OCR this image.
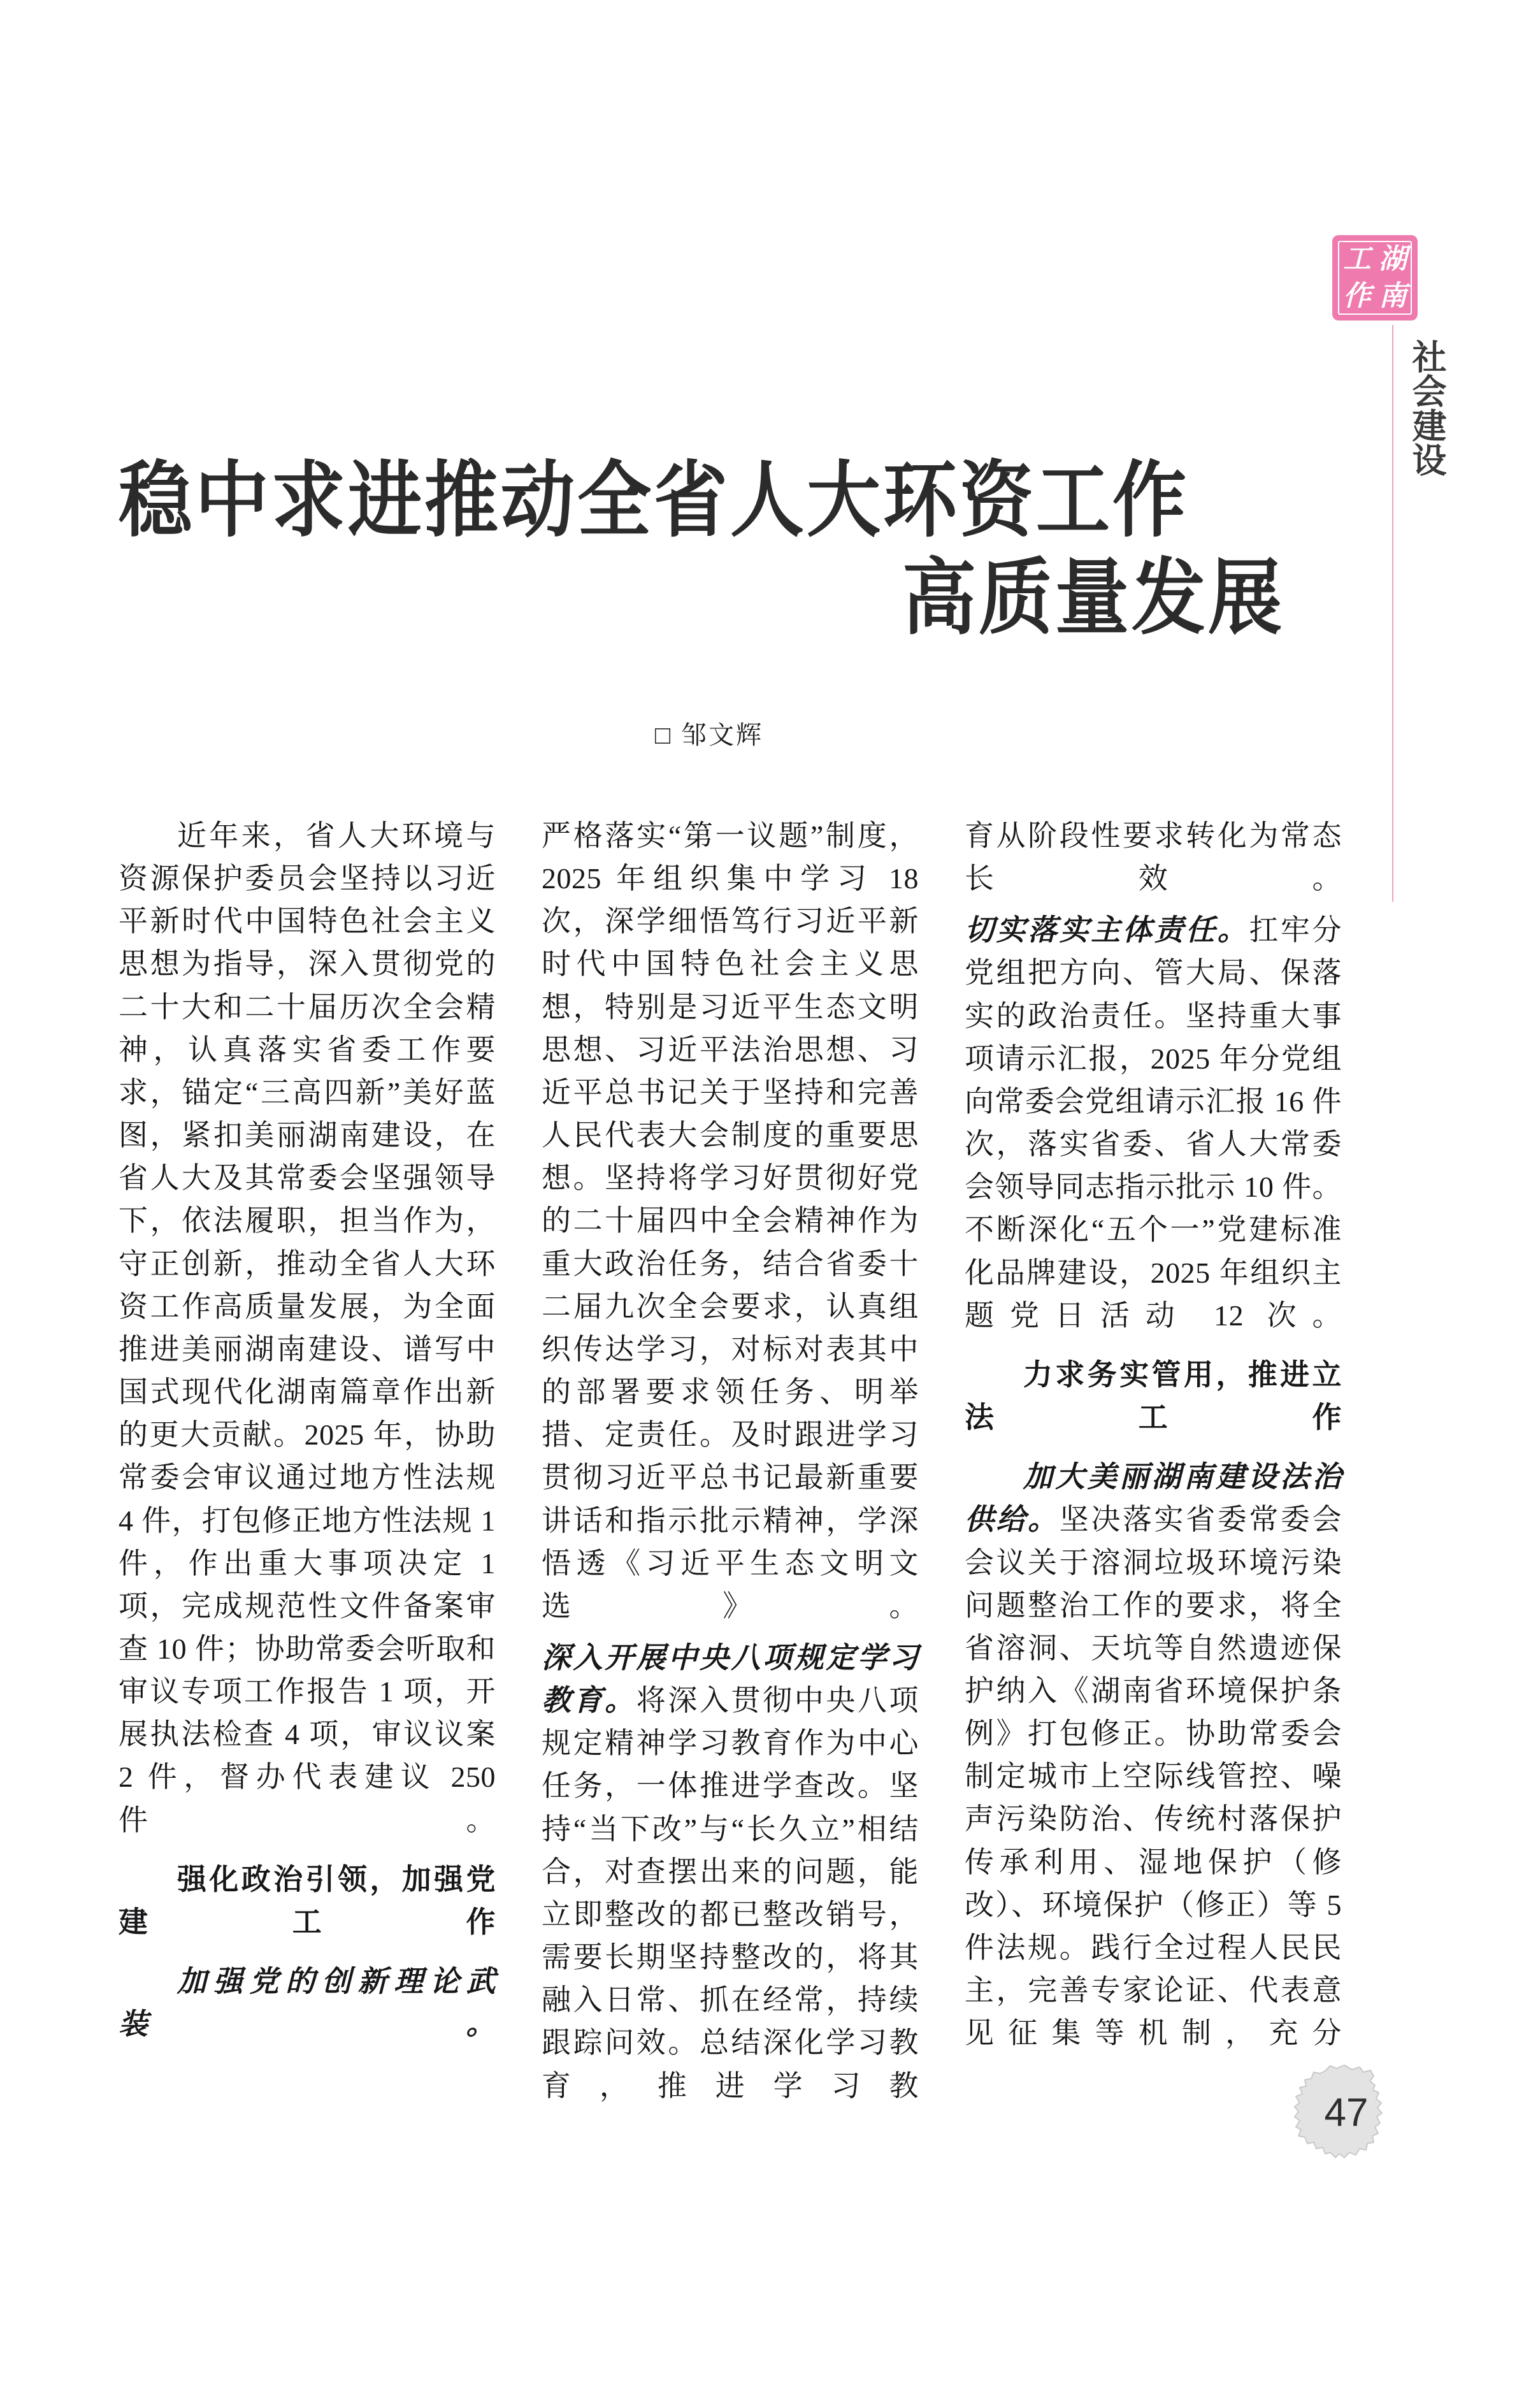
工 湖
作 南
社会建设
稳中求进推动全省人大环资工作
高质量发展
□ 邹文辉

近年来，省人大环境与资源保护委员会坚持以习近平新时代中国特色社会主义思想为指导，深入贯彻党的二十大和二十届历次全会精神，认真落实省委工作要求，锚定“三高四新”美好蓝图，紧扣美丽湖南建设，在省人大及其常委会坚强领导下，依法履职，担当作为，守正创新，推动全省人大环资工作高质量发展，为全面推进美丽湖南建设、谱写中国式现代化湖南篇章作出新的更大贡献。2025 年，协助常委会审议通过地方性法规 4 件，打包修正地方性法规 1 件，作出重大事项决定 1 项，完成规范性文件备案审查 10 件；协助常委会听取和审议专项工作报告 1 项，开展执法检查 4 项，审议议案 2 件，督办代表建议 250 件。

强化政治引领，加强党建工作

加强党的创新理论武装。

严格落实“第一议题”制度，2025 年组织集中学习 18 次，深学细悟笃行习近平新时代中国特色社会主义思想，特别是习近平生态文明思想、习近平法治思想、习近平总书记关于坚持和完善人民代表大会制度的重要思想。坚持将学习好贯彻好党的二十届四中全会精神作为重大政治任务，结合省委十二届九次全会要求，认真组织传达学习，对标对表其中的部署要求领任务、明举措、定责任。及时跟进学习贯彻习近平总书记最新重要讲话和指示批示精神，学深悟透《习近平生态文明文选》。

深入开展中央八项规定学习教育。将深入贯彻中央八项规定精神学习教育作为中心任务，一体推进学查改。坚持“当下改”与“长久立”相结合，对查摆出来的问题，能立即整改的都已整改销号，需要长期坚持整改的，将其融入日常、抓在经常，持续跟踪问效。总结深化学习教育，推进学习教

育从阶段性要求转化为常态长效。

切实落实主体责任。扛牢分党组把方向、管大局、保落实的政治责任。坚持重大事项请示汇报，2025 年分党组向常委会党组请示汇报 16 件次，落实省委、省人大常委会领导同志指示批示 10 件。不断深化“五个一”党建标准化品牌建设，2025 年组织主题党日活动 12 次。

力求务实管用，推进立法工作

加大美丽湖南建设法治供给。坚决落实省委常委会会议关于溶洞垃圾环境污染问题整治工作的要求，将全省溶洞、天坑等自然遗迹保护纳入《湖南省环境保护条例》打包修正。协助常委会制定城市上空际线管控、噪声污染防治、传统村落保护传承利用、湿地保护（修改）、环境保护（修正）等 5 件法规。践行全过程人民民主，完善专家论证、代表意见征集等机制，充分

47
